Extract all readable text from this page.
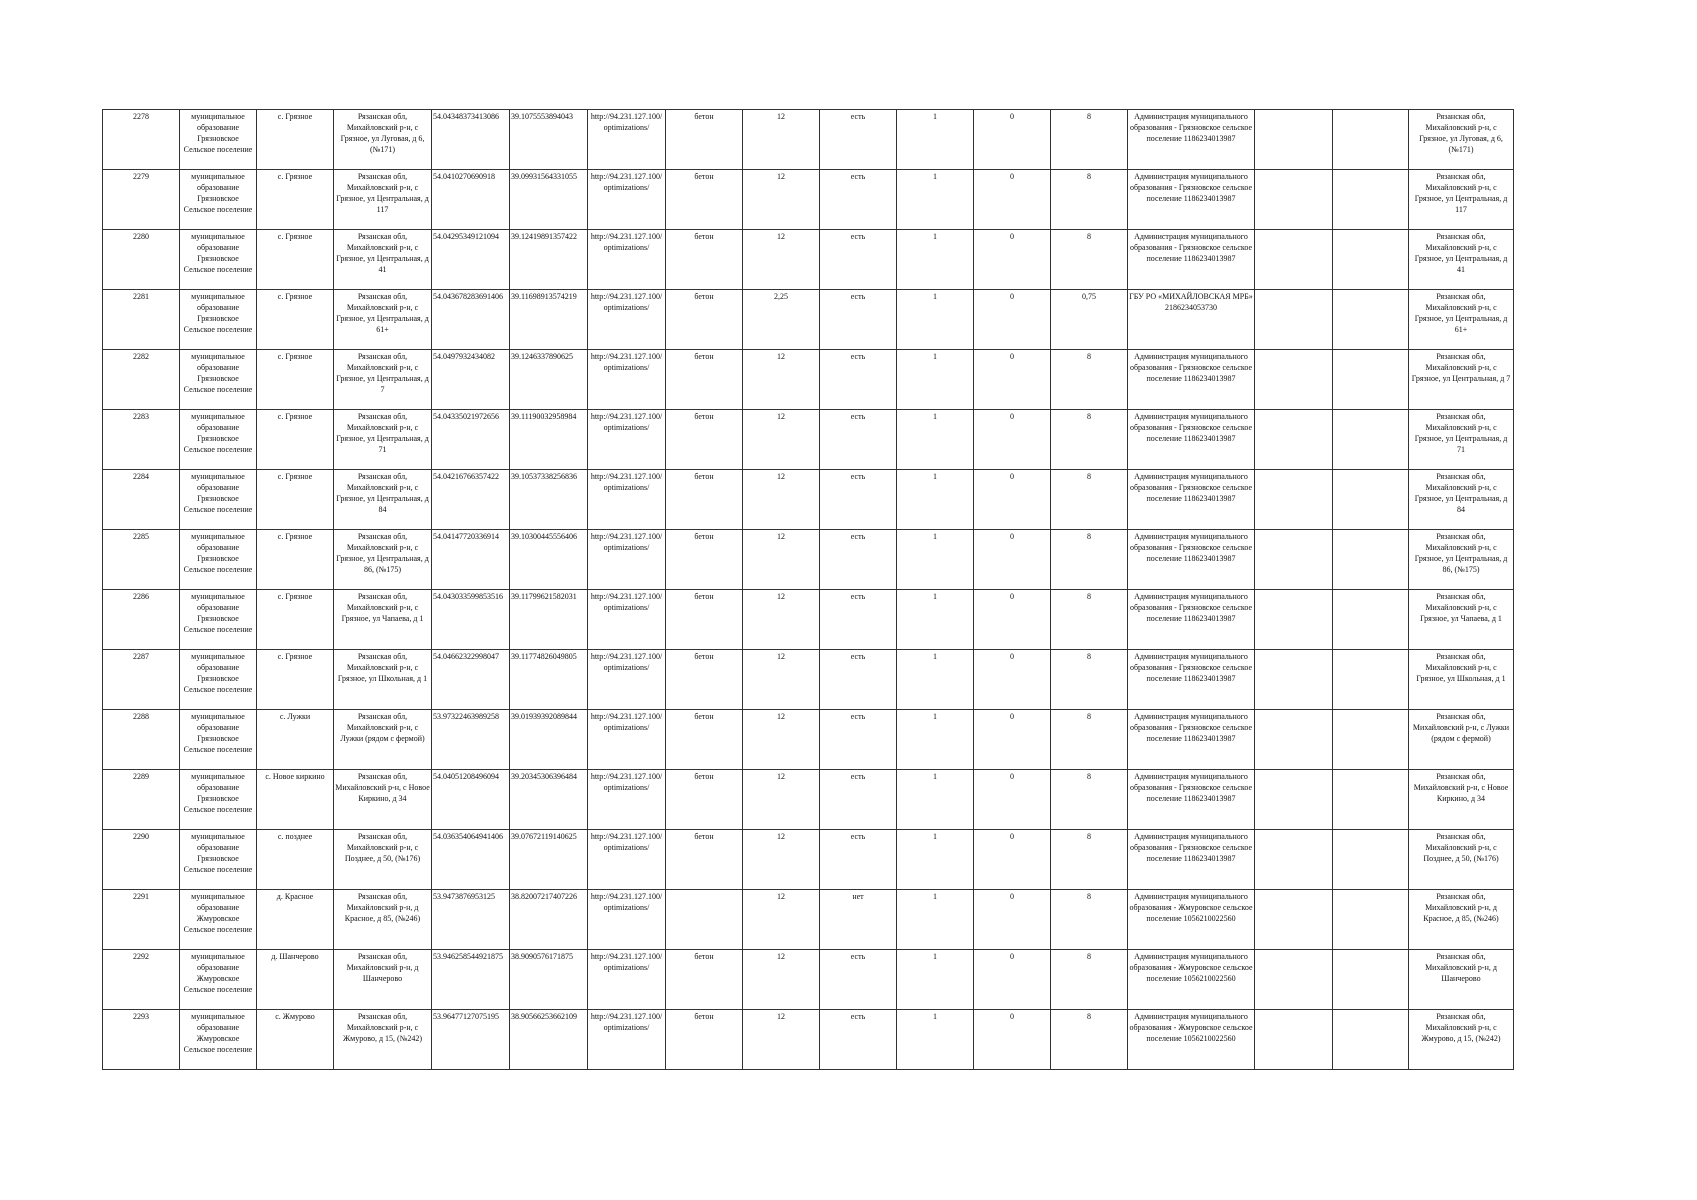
2278	муниципальное образование Грязновское Сельское поселение	с. Грязное	Рязанская обл, Михайловский р-н, с Грязное, ул Луговая, д 6, (№171)	54.04348373413086	39.1075553894043	http://94.231.127.100/optimizations/	бетон	12	есть	1	0	8	Администрация муниципального образования - Грязновское сельское поселение 1186234013987			Рязанская обл, Михайловский р-н, с Грязное, ул Луговая, д 6, (№171)
2279	муниципальное образование Грязновское Сельское поселение	с. Грязное	Рязанская обл, Михайловский р-н, с Грязное, ул Центральная, д 117	54.0410270690918	39.09931564331055	http://94.231.127.100/optimizations/	бетон	12	есть	1	0	8	Администрация муниципального образования - Грязновское сельское поселение 1186234013987			Рязанская обл, Михайловский р-н, с Грязное, ул Центральная, д 117
2280	муниципальное образование Грязновское Сельское поселение	с. Грязное	Рязанская обл, Михайловский р-н, с Грязное, ул Центральная, д 41	54.04295349121094	39.12419891357422	http://94.231.127.100/optimizations/	бетон	12	есть	1	0	8	Администрация муниципального образования - Грязновское сельское поселение 1186234013987			Рязанская обл, Михайловский р-н, с Грязное, ул Центральная, д 41
2281	муниципальное образование Грязновское Сельское поселение	с. Грязное	Рязанская обл, Михайловский р-н, с Грязное, ул Центральная, д 61+	54.043678283691406	39.11698913574219	http://94.231.127.100/optimizations/	бетон	2,25	есть	1	0	0,75	ГБУ РО «МИХАЙЛОВСКАЯ МРБ» 2186234053730			Рязанская обл, Михайловский р-н, с Грязное, ул Центральная, д 61+
2282	муниципальное образование Грязновское Сельское поселение	с. Грязное	Рязанская обл, Михайловский р-н, с Грязное, ул Центральная, д 7	54.0497932434082	39.1246337890625	http://94.231.127.100/optimizations/	бетон	12	есть	1	0	8	Администрация муниципального образования - Грязновское сельское поселение 1186234013987			Рязанская обл, Михайловский р-н, с Грязное, ул Центральная, д 7
2283	муниципальное образование Грязновское Сельское поселение	с. Грязное	Рязанская обл, Михайловский р-н, с Грязное, ул Центральная, д 71	54.04335021972656	39.11190032958984	http://94.231.127.100/optimizations/	бетон	12	есть	1	0	8	Администрация муниципального образования - Грязновское сельское поселение 1186234013987			Рязанская обл, Михайловский р-н, с Грязное, ул Центральная, д 71
2284	муниципальное образование Грязновское Сельское поселение	с. Грязное	Рязанская обл, Михайловский р-н, с Грязное, ул Центральная, д 84	54.04216766357422	39.10537338256836	http://94.231.127.100/optimizations/	бетон	12	есть	1	0	8	Администрация муниципального образования - Грязновское сельское поселение 1186234013987			Рязанская обл, Михайловский р-н, с Грязное, ул Центральная, д 84
2285	муниципальное образование Грязновское Сельское поселение	с. Грязное	Рязанская обл, Михайловский р-н, с Грязное, ул Центральная, д 86, (№175)	54.04147720336914	39.10300445556406	http://94.231.127.100/optimizations/	бетон	12	есть	1	0	8	Администрация муниципального образования - Грязновское сельское поселение 1186234013987			Рязанская обл, Михайловский р-н, с Грязное, ул Центральная, д 86, (№175)
2286	муниципальное образование Грязновское Сельское поселение	с. Грязное	Рязанская обл, Михайловский р-н, с Грязное, ул Чапаева, д 1	54.043033599853516	39.11799621582031	http://94.231.127.100/optimizations/	бетон	12	есть	1	0	8	Администрация муниципального образования - Грязновское сельское поселение 1186234013987			Рязанская обл, Михайловский р-н, с Грязное, ул Чапаева, д 1
2287	муниципальное образование Грязновское Сельское поселение	с. Грязное	Рязанская обл, Михайловский р-н, с Грязное, ул Школьная, д 1	54.04662322998047	39.11774826049805	http://94.231.127.100/optimizations/	бетон	12	есть	1	0	8	Администрация муниципального образования - Грязновское сельское поселение 1186234013987			Рязанская обл, Михайловский р-н, с Грязное, ул Школьная, д 1
2288	муниципальное образование Грязновское Сельское поселение	с. Лужки	Рязанская обл, Михайловский р-н, с Лужки (рядом с фермой)	53.97322463989258	39.01939392089844	http://94.231.127.100/optimizations/	бетон	12	есть	1	0	8	Администрация муниципального образования - Грязновское сельское поселение 1186234013987			Рязанская обл, Михайловский р-н, с Лужки (рядом с фермой)
2289	муниципальное образование Грязновское Сельское поселение	с. Новое киркино	Рязанская обл, Михайловский р-н, с Новое Киркино, д 34	54.04051208496094	39.20345306396484	http://94.231.127.100/optimizations/	бетон	12	есть	1	0	8	Администрация муниципального образования - Грязновское сельское поселение 1186234013987			Рязанская обл, Михайловский р-н, с Новое Киркино, д 34
2290	муниципальное образование Грязновское Сельское поселение	с. позднее	Рязанская обл, Михайловский р-н, с Позднее, д 50, (№176)	54.036354064941406	39.07672119140625	http://94.231.127.100/optimizations/	бетон	12	есть	1	0	8	Администрация муниципального образования - Грязновское сельское поселение 1186234013987			Рязанская обл, Михайловский р-н, с Позднее, д 50, (№176)
2291	муниципальное образование Жмуровское Сельское поселение	д. Красное	Рязанская обл, Михайловский р-н, д Красное, д 85, (№246)	53.9473876953125	38.82007217407226	http://94.231.127.100/optimizations/		12	нет	1	0	8	Администрация муниципального образования - Жмуровское сельское поселение 1056210022560			Рязанская обл, Михайловский р-н, д Красное, д 85, (№246)
2292	муниципальное образование Жмуровское Сельское поселение	д. Шанчерово	Рязанская обл, Михайловский р-н, д Шанчерово	53.946258544921875	38.9090576171875	http://94.231.127.100/optimizations/	бетон	12	есть	1	0	8	Администрация муниципального образования - Жмуровское сельское поселение 1056210022560			Рязанская обл, Михайловский р-н, д Шанчерово
2293	муниципальное образование Жмуровское Сельское поселение	с. Жмурово	Рязанская обл, Михайловский р-н, с Жмурово, д 15, (№242)	53.96477127075195	38.90566253662109	http://94.231.127.100/optimizations/	бетон	12	есть	1	0	8	Администрация муниципального образования - Жмуровское сельское поселение 1056210022560			Рязанская обл, Михайловский р-н, с Жмурово, д 15, (№242)
